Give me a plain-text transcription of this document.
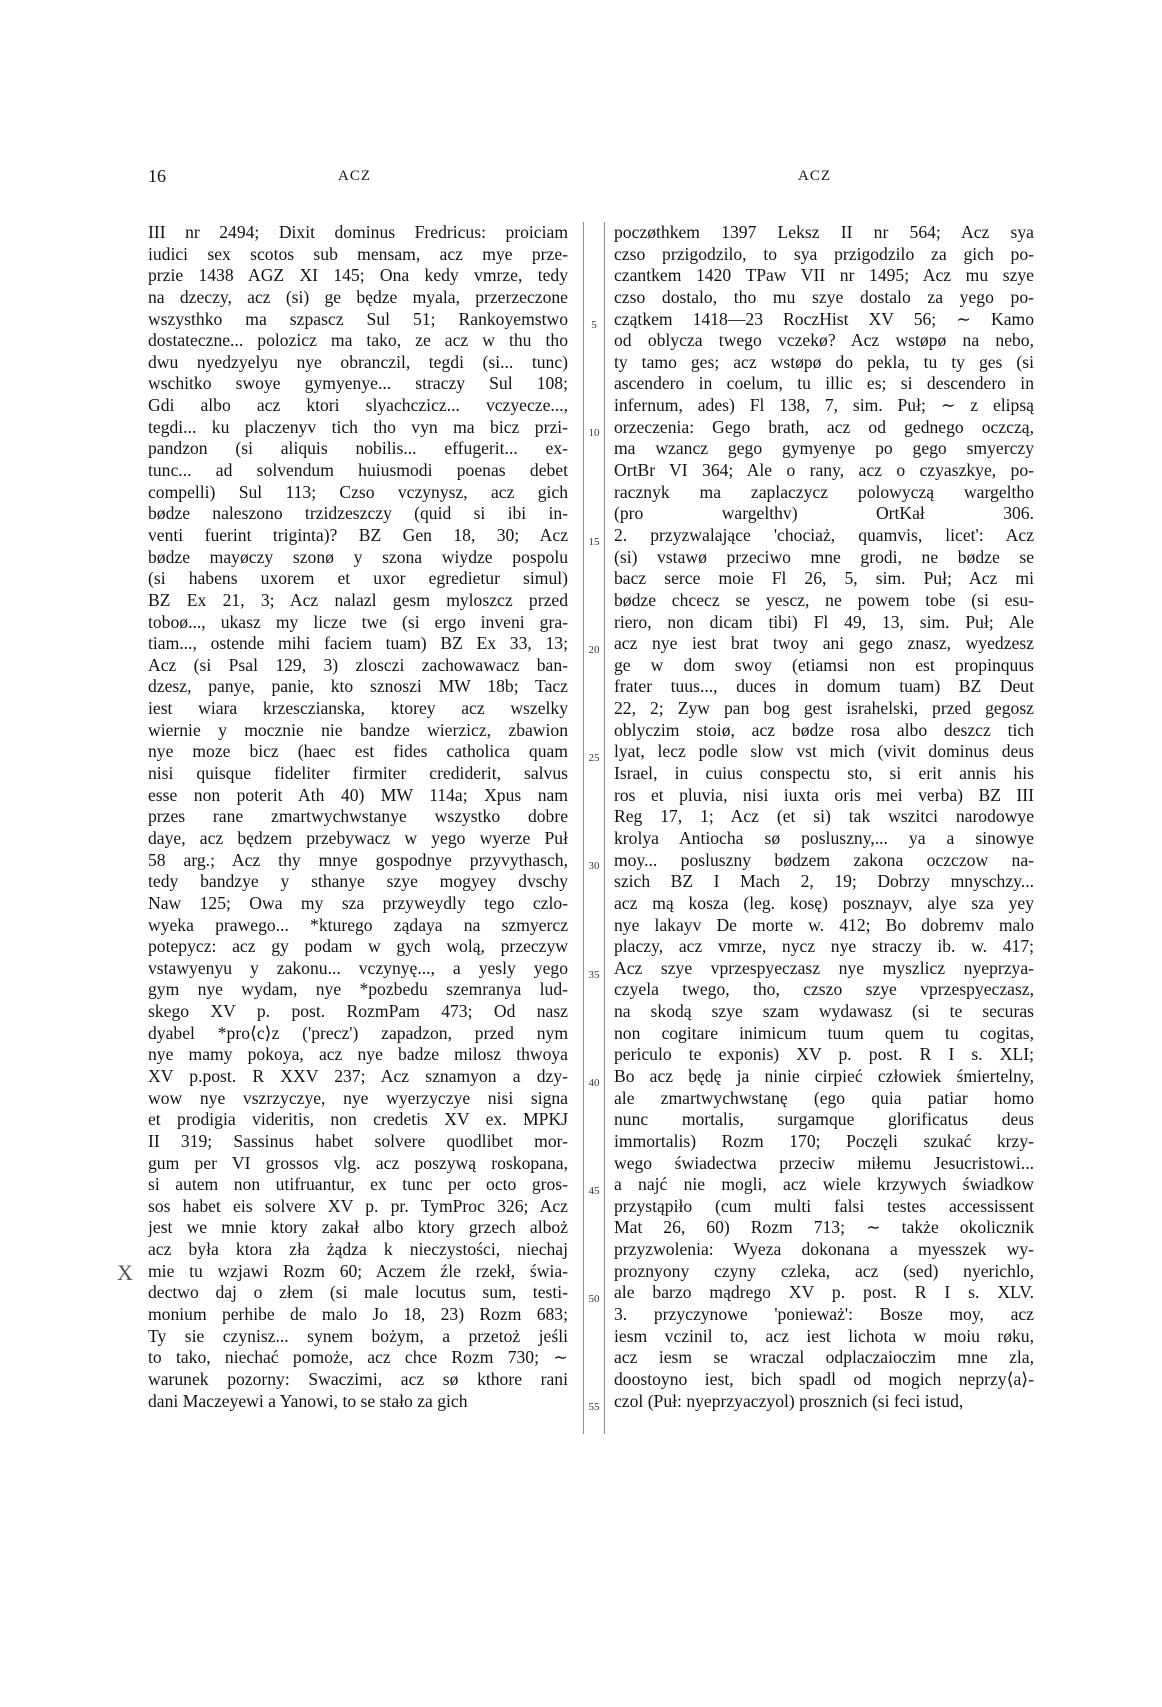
16	ACZ	ACZ
5
10
15
20
25
30
35
40
45
50
55
X
III nr 2494; Dixit dominus Fredricus: proiciam
iudici sex scotos sub mensam, acz mye prze-
przie 1438 AGZ XI 145; Ona kedy vmrze, tedy
na dzeczy, acz (si) ge będze myala, przerzeczone
wszysthko ma szpascz Sul 51; Rankoyemstwo
dostateczne... polozicz ma tako, ze acz w thu tho
dwu nyedzyelyu nye obranczil, tegdi (si... tunc)
wschitko swoye gymyenye... straczy Sul 108;
Gdi albo acz ktori slyachczicz... vczyecze...,
tegdi... ku placzenyv tich tho vyn ma bicz przi-
pandzon (si aliquis nobilis... effugerit... ex-
tunc... ad solvendum huiusmodi poenas debet
compelli) Sul 113; Czso vczynysz, acz gich
bødze naleszono trzidzeszczy (quid si ibi in-
venti fuerint triginta)? BZ Gen 18, 30; Acz
bødze mayøczy szonø y szona wiydze pospolu
(si habens uxorem et uxor egredietur simul)
BZ Ex 21, 3; Acz nalazl gesm myloszcz przed
toboø..., ukasz my licze twe (si ergo inveni gra-
tiam..., ostende mihi faciem tuam) BZ Ex 33, 13;
Acz (si Psal 129, 3) zlosczi zachowawacz ban-
dzesz, panye, panie, kto sznoszi MW 18b; Tacz
iest wiara krzesczianska, ktorey acz wszelky
wiernie y mocznie nie bandze wierzicz, zbawion
nye moze bicz (haec est fides catholica quam
nisi quisque fideliter firmiter crediderit, salvus
esse non poterit Ath 40) MW 114a; Xpus nam
przes rane zmartwychwstanye wszystko dobre
daye, acz będzem przebywacz w yego wyerze Puł
58 arg.; Acz thy mnye gospodnye przyvythasch,
tedy bandzye y sthanye szye mogyey dvschy
Naw 125; Owa my sza przyweydly tego czlo-
wyeka prawego... *kturego ządaya na szmyercz
potepycz: acz gy podam w gych wolą, przeczyw
vstawyenyu y zakonu... vczynyę..., a yesly yego
gym nye wydam, nye *pozbedu szemranya lud-
skego XV p. post. RozmPam 473; Od nasz
dyabel *pro⟨c⟩z ('precz') zapadzon, przed nym
nye mamy pokoya, acz nye badze milosz thwoya
XV p.post. R XXV 237; Acz sznamyon a dzy-
wow nye vszrzyczye, nye wyerzyczye nisi signa
et prodigia videritis, non credetis XV ex. MPKJ
II 319; Sassinus habet solvere quodlibet mor-
gum per VI grossos vlg. acz poszywą roskopana,
si autem non utifruantur, ex tunc per octo gros-
sos habet eis solvere XV p. pr. TymProc 326; Acz
jest we mnie ktory zakał albo ktory grzech alboż
acz była ktora zła żądza k nieczystości, niechaj
mie tu wzjawi Rozm 60; Aczem źle rzekł, świa-
dectwo daj o złem (si male locutus sum, testi-
monium perhibe de malo Jo 18, 23) Rozm 683;
Ty sie czynisz... synem bożym, a przetoż jeśli
to tako, niechać pomoże, acz chce Rozm 730; ∼
warunek pozorny: Swaczimi, acz sø kthore rani
dani Maczeyewi a Yanowi, to se stało za gich
poczøthkem 1397 Leksz II nr 564; Acz sya
czso przigodzilo, to sya przigodzilo za gich po-
czantkem 1420 TPaw VII nr 1495; Acz mu szye
czso dostalo, tho mu szye dostalo za yego po-
czątkem 1418—23 RoczHist XV 56; ∼ Kamo
od oblycza twego vczekø? Acz wstøpø na nebo,
ty tamo ges; acz wstøpø do pekla, tu ty ges (si
ascendero in coelum, tu illic es; si descendero in
infernum, ades) Fl 138, 7, sim. Puł; ∼ z elipsą
orzeczenia: Gego brath, acz od gednego oczczą,
ma wzancz gego gymyenye po gego smyerczy
OrtBr VI 364; Ale o rany, acz o czyaszkye, po-
racznyk ma zaplaczycz polowyczą wargeltho
(pro wargelthv) OrtKał 306.
2. przyzwalające 'chociaż, quamvis, licet': Acz
(si) vstawø przeciwo mne grodi, ne bødze se
bacz serce moie Fl 26, 5, sim. Puł; Acz mi
bødze chcecz se yescz, ne powem tobe (si esu-
riero, non dicam tibi) Fl 49, 13, sim. Puł; Ale
acz nye iest brat twoy ani gego znasz, wyedzesz
ge w dom swoy (etiamsi non est propinquus
frater tuus..., duces in domum tuam) BZ Deut
22, 2; Zyw pan bog gest israhelski, przed gegosz
oblyczim stoiø, acz bødze rosa albo deszcz tich
lyat, lecz podle slow vst mich (vivit dominus deus
Israel, in cuius conspectu sto, si erit annis his
ros et pluvia, nisi iuxta oris mei verba) BZ III
Reg 17, 1; Acz (et si) tak wszitci narodowye
krolya Antiocha sø posluszny,... ya a sinowye
moy... posluszny bødzem zakona oczczow na-
szich BZ I Mach 2, 19; Dobrzy mnyschzy...
acz mą kosza (leg. kosę) posznayv, alye sza yey
nye lakayv De morte w. 412; Bo dobremv malo
placzy, acz vmrze, nycz nye straczy ib. w. 417;
Acz szye vprzespyeczasz nye myszlicz nyeprzya-
czyela twego, tho, czszo szye vprzespyeczasz,
na skodą szye szam wydawasz (si te securas
non cogitare inimicum tuum quem tu cogitas,
periculo te exponis) XV p. post. R I s. XLI;
Bo acz będę ja ninie cirpieć człowiek śmiertelny,
ale zmartwychwstanę (ego quia patiar homo
nunc mortalis, surgamque glorificatus deus
immortalis) Rozm 170; Poczęli szukać krzy-
wego świadectwa przeciw miłemu Jesucristowi...
a najć nie mogli, acz wiele krzywych świadkow
przystąpiło (cum multi falsi testes accessissent
Mat 26, 60) Rozm 713; ∼ także okolicznik
przyzwolenia: Wyeza dokonana a myesszek wy-
proznyony czyny czleka, acz (sed) nyerichlo,
ale barzo mądrego XV p. post. R I s. XLV.
3. przyczynowe 'ponieważ': Bosze moy, acz
iesm vczinil to, acz iest lichota w moiu røku,
acz iesm se wraczal odplaczaioczim mne zla,
doostoyno iest, bich spadl od mogich neprzy⟨a⟩-
czol (Puł: nyeprzyaczyol) prosznich (si feci istud,
